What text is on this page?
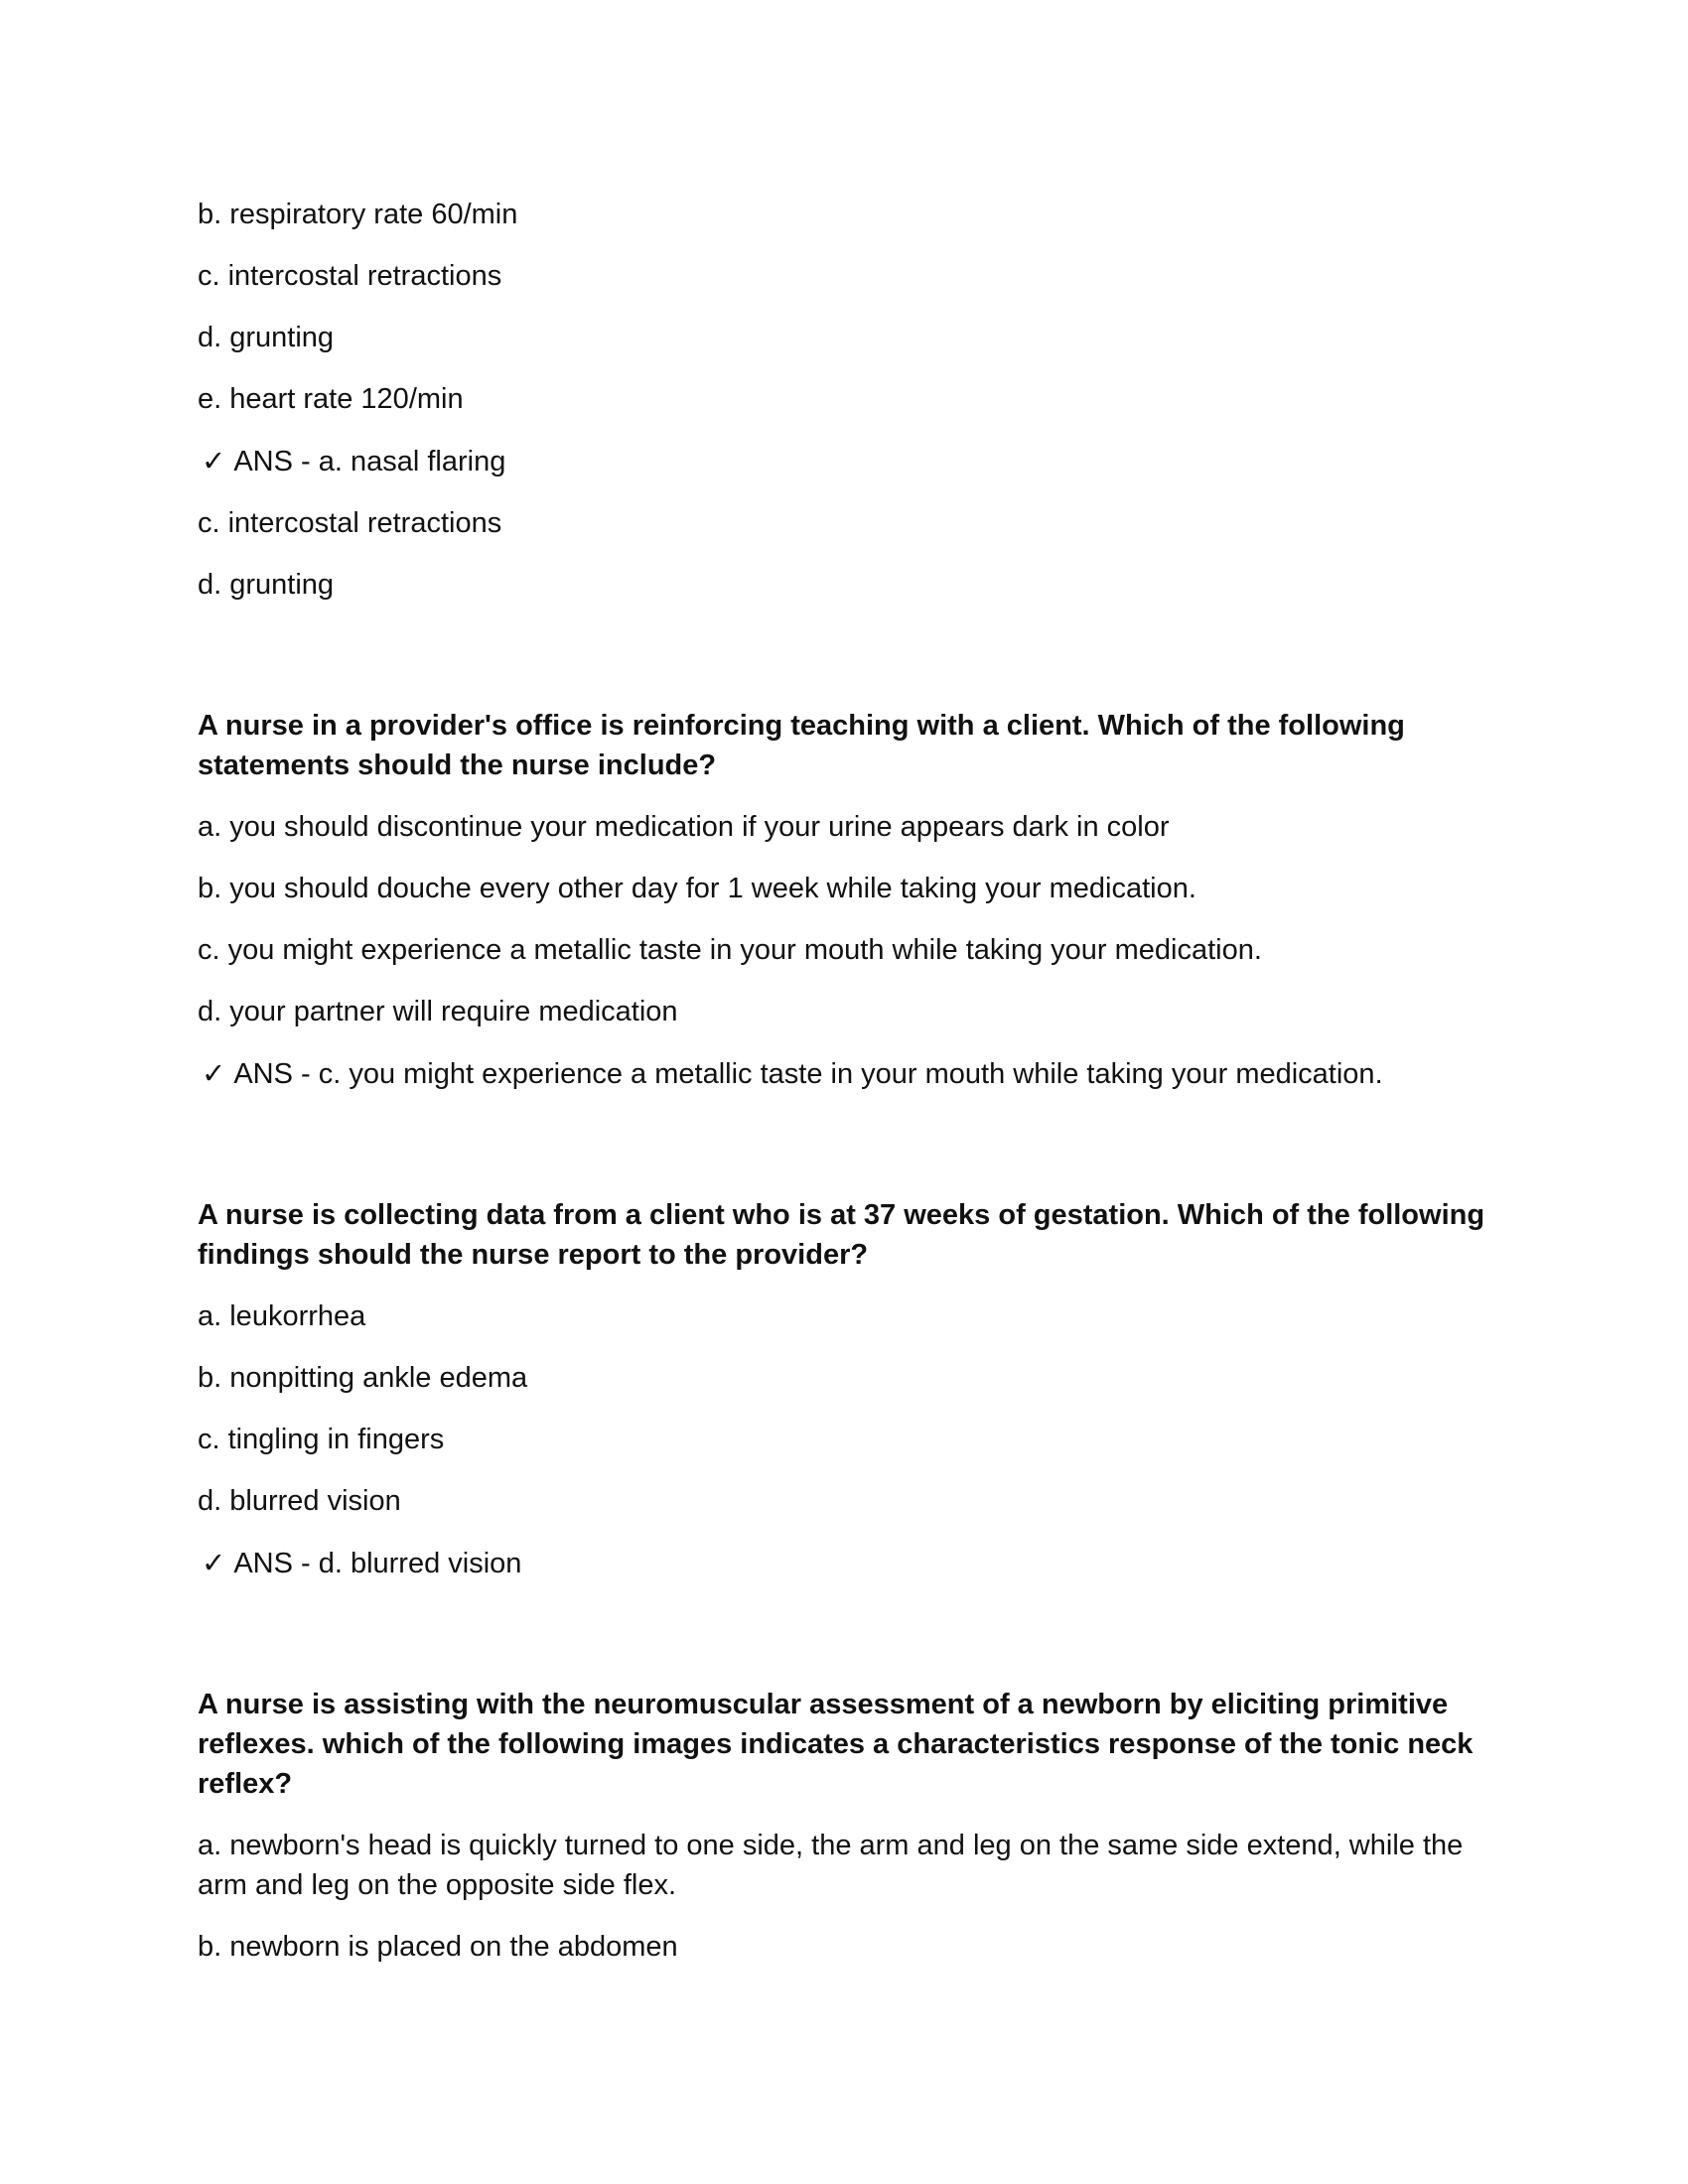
b. respiratory rate 60/min
c. intercostal retractions
d. grunting
e. heart rate 120/min
✓ ANS - a. nasal flaring
c. intercostal retractions
d. grunting
A nurse in a provider's office is reinforcing teaching with a client. Which of the following statements should the nurse include?
a. you should discontinue your medication if your urine appears dark in color
b. you should douche every other day for 1 week while taking your medication.
c. you might experience a metallic taste in your mouth while taking your medication.
d. your partner will require medication
✓ ANS - c. you might experience a metallic taste in your mouth while taking your medication.
A nurse is collecting data from a client who is at 37 weeks of gestation. Which of the following findings should the nurse report to the provider?
a. leukorrhea
b. nonpitting ankle edema
c. tingling in fingers
d. blurred vision
✓ ANS - d. blurred vision
A nurse is assisting with the neuromuscular assessment of a newborn by eliciting primitive reflexes. which of the following images indicates a characteristics response of the tonic neck reflex?
a. newborn's head is quickly turned to one side, the arm and leg on the same side extend, while the arm and leg on the opposite side flex.
b. newborn is placed on the abdomen
